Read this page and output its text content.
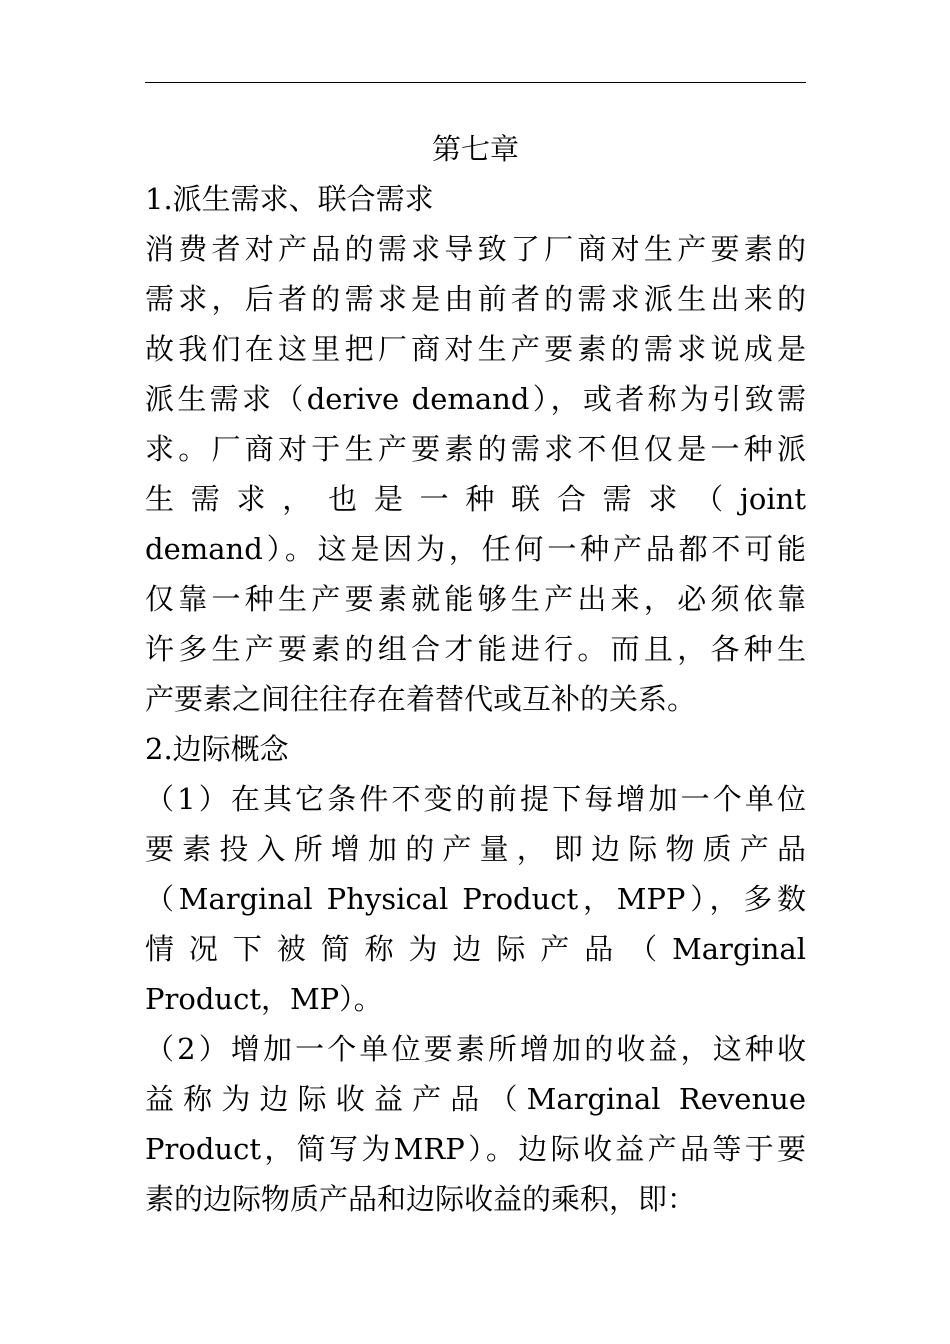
第七章

1.派生需求、联合需求

消费者对产品的需求导致了厂商对生产要素的

需求，后者的需求是由前者的需求派生出来的

故我们在这里把厂商对生产要素的需求说成是

派生需求（derive demand），或者称为引致需

求。厂商对于生产要素的需求不但仅是一种派

生 需 求 ， 也 是 一 种 联 合 需 求 （ joint

demand）。这是因为，任何一种产品都不可能

仅靠一种生产要素就能够生产出来，必须依靠

许多生产要素的组合才能进行。而且，各种生

产要素之间往往存在着替代或互补的关系。

2.边际概念

（1）在其它条件不变的前提下每增加一个单位

要素投入所增加的产量，即边际物质产品

（Marginal Physical Product，MPP），多数

情 况 下 被 简 称 为 边 际 产 品 （ Marginal

Product，MP）。

（2）增加一个单位要素所增加的收益，这种收

益称为边际收益产品（Marginal Revenue

Product，简写为MRP）。边际收益产品等于要

素的边际物质产品和边际收益的乘积，即：
